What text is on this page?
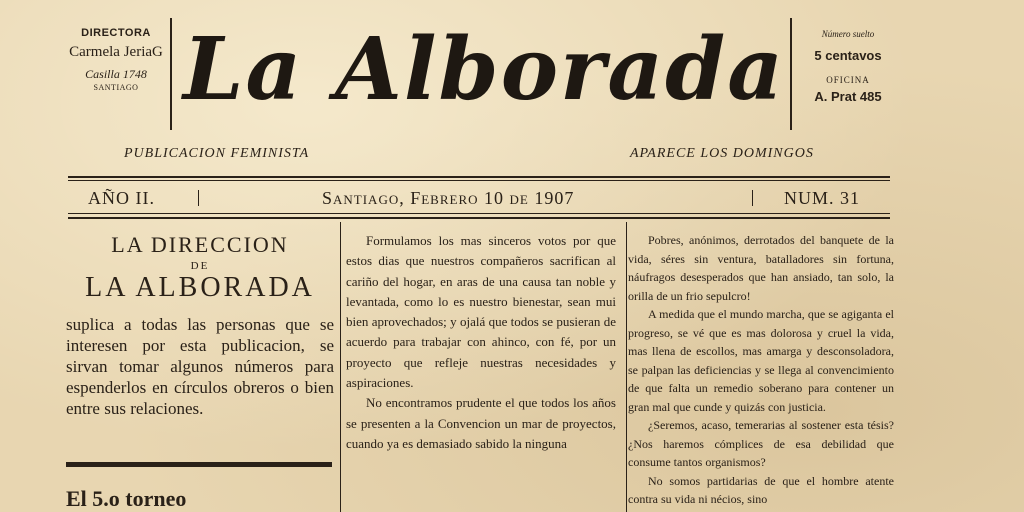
DIRECTORA
Carmela JeriaG
Casilla 1748
SANTIAGO La Alborada	Número suelto
5 centavos
OFICINA
A. Prat 485
PUBLICACION FEMINISTA	APARECE LOS DOMINGOS
AÑO II.	Santiago, Febrero 10 de 1907	NUM. 31
LA DIRECCION
DE
LA ALBORADA
suplica a todas las personas que se interesen por esta publicacion, se sirvan tomar algunos números para espenderlos en círculos obreros o bien entre sus relaciones.
El 5.o torneo

Formulamos los mas sinceros votos por que estos dias que nuestros compañeros sacrifican al cariño del hogar, en aras de una causa tan noble y levantada, como lo es nuestro bienestar, sean mui bien aprovechados; y ojalá que todos se pusieran de acuerdo para trabajar con ahinco, con fé, por un proyecto que refleje nuestras necesidades y aspiraciones.

No encontramos prudente el que todos los años se presenten a la Convencion un mar de proyectos, cuando ya es demasiado sabido la ninguna

Pobres, anónimos, derrotados del banquete de la vida, séres sin ventura, batalladores sin fortuna, náufragos desesperados que han ansiado, tan solo, la orilla de un frio sepulcro!

A medida que el mundo marcha, que se agiganta el progreso, se vé que es mas dolorosa y cruel la vida, mas llena de escollos, mas amarga y desconsoladora, se palpan las deficiencias y se llega al convencimiento de que falta un remedio soberano para contener un gran mal que cunde y quizás con justicia.

¿Seremos, acaso, temerarias al sostener esta tésis? ¿Nos haremos cómplices de esa debilidad que consume tantos organismos?

No somos partidarias de que el hombre atente contra su vida ni nécios, sino
